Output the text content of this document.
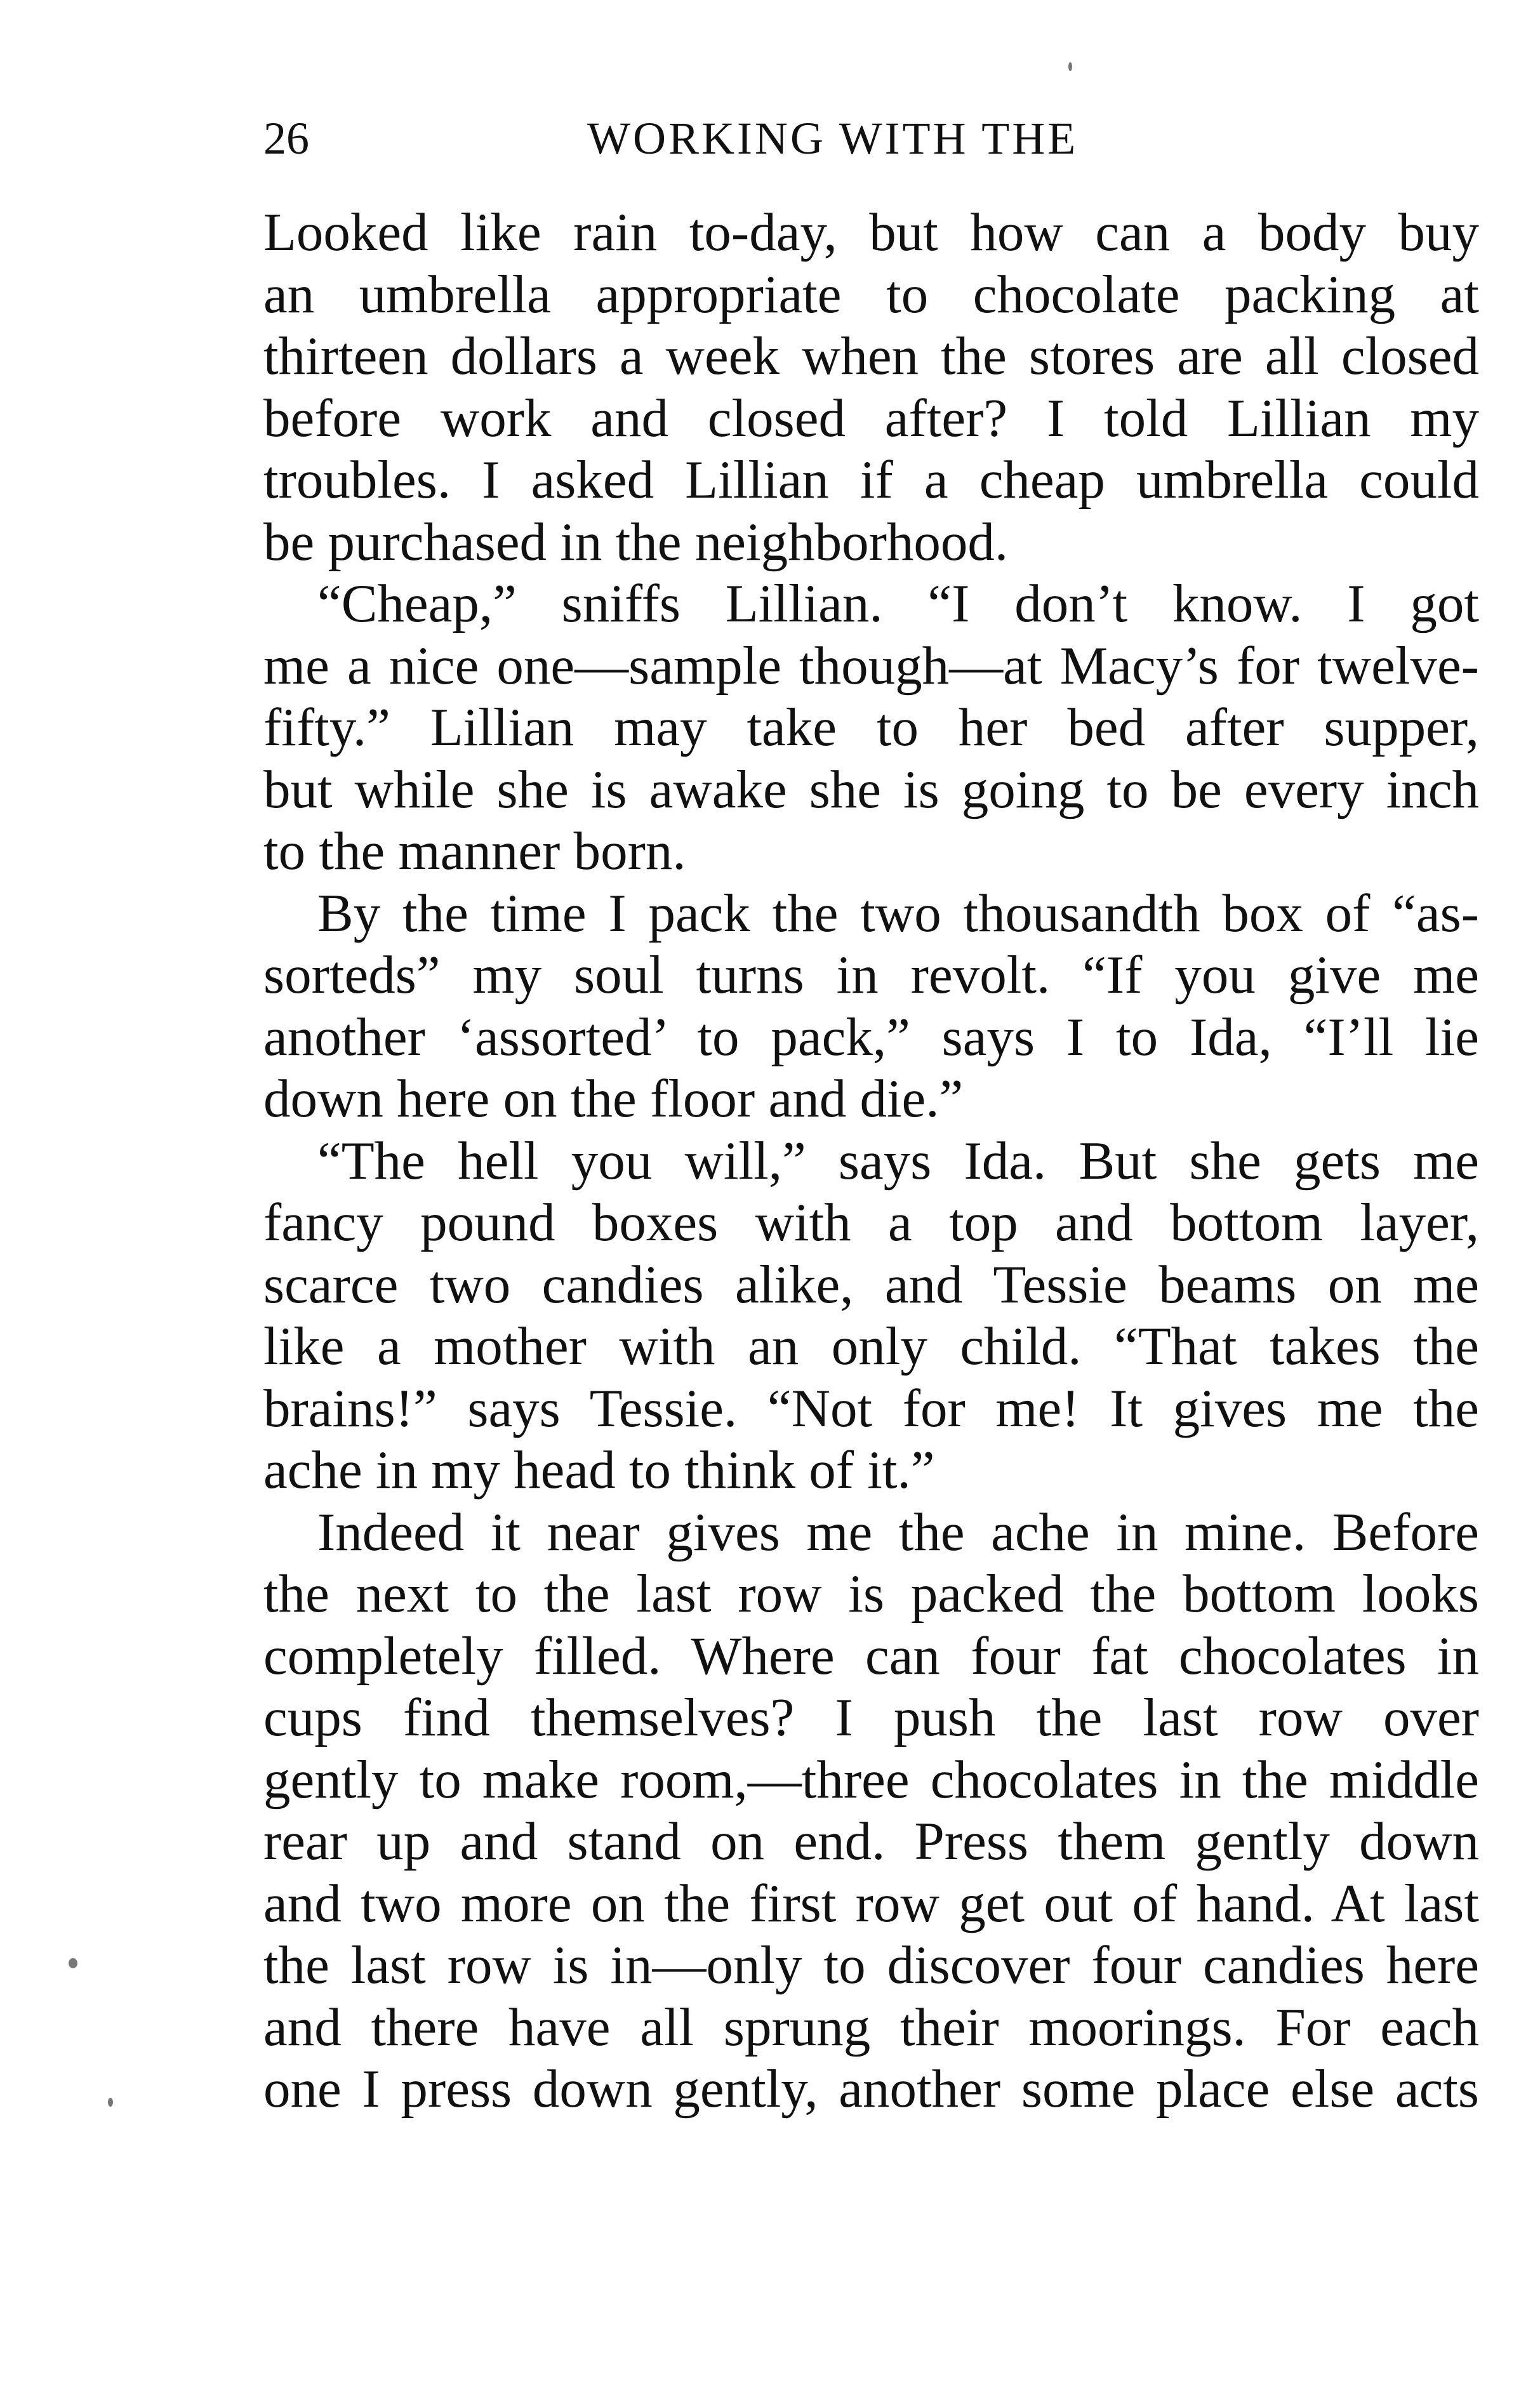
26	WORKING WITH THE
Looked like rain to-day, but how can a body buy
an umbrella appropriate to chocolate packing at
thirteen dollars a week when the stores are all closed
before work and closed after? I told Lillian my
troubles. I asked Lillian if a cheap umbrella could
be purchased in the neighborhood.
“Cheap,” sniffs Lillian. “I don’t know. I got
me a nice one—sample though—at Macy’s for twelve-
fifty.” Lillian may take to her bed after supper,
but while she is awake she is going to be every inch
to the manner born.
By the time I pack the two thousandth box of “as-
sorteds” my soul turns in revolt. “If you give me
another ‘assorted’ to pack,” says I to Ida, “I’ll lie
down here on the floor and die.”
“The hell you will,” says Ida. But she gets me
fancy pound boxes with a top and bottom layer,
scarce two candies alike, and Tessie beams on me
like a mother with an only child. “That takes the
brains!” says Tessie. “Not for me! It gives me the
ache in my head to think of it.”
Indeed it near gives me the ache in mine. Before
the next to the last row is packed the bottom looks
completely filled. Where can four fat chocolates in
cups find themselves? I push the last row over
gently to make room,—three chocolates in the middle
rear up and stand on end. Press them gently down
and two more on the first row get out of hand. At last
the last row is in—only to discover four candies here
and there have all sprung their moorings. For each
one I press down gently, another some place else acts
